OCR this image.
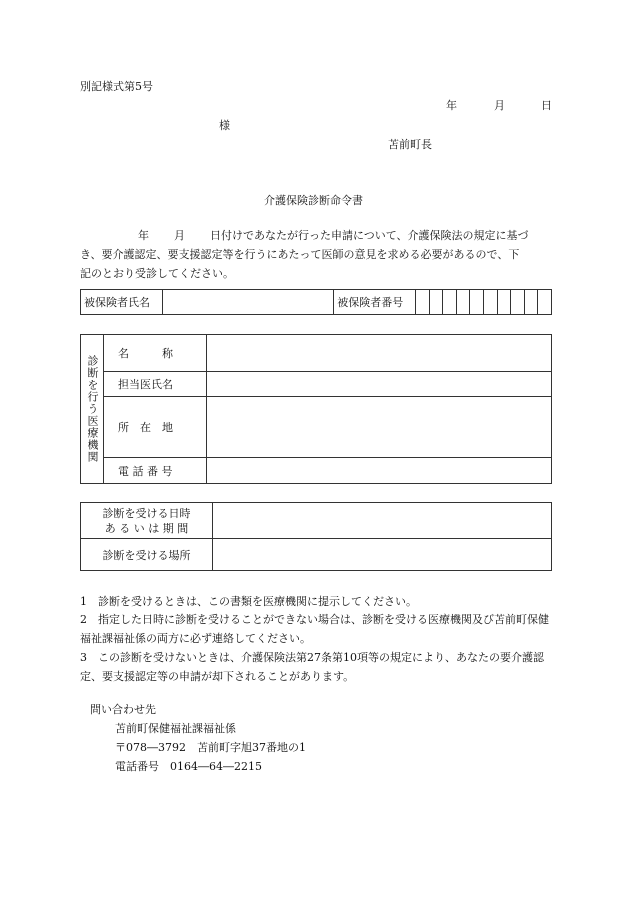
別記様式第5号
年	月	日
様
苫前町長
介護保険診断命令書
年 月 日付けであなたが行った申請について、介護保険法の規定に基づ
き、要介護認定、要支援認定等を行うにあたって医師の意見を求める必要があるので、下
記のとおり受診してください。
被保険者氏名		被保険者番号										
診断を行う医療機関	名　　　称	
	担当医氏名	
	所　在　地	
	電 話 番 号	
診断を受ける日時
あ る い は 期 間	

診断を受ける場所	
1 診断を受けるときは、この書類を医療機関に提示してください。
2 指定した日時に診断を受けることができない場合は、診断を受ける医療機関及び苫前町保健福祉課福祉係の両方に必ず連絡してください。
3 この診断を受けないときは、介護保険法第27条第10項等の規定により、あなたの要介護認定、要支援認定等の申請が却下されることがあります。
問い合わせ先
苫前町保健福祉課福祉係
〒078―3792　苫前町字旭37番地の1
電話番号　0164―64―2215
